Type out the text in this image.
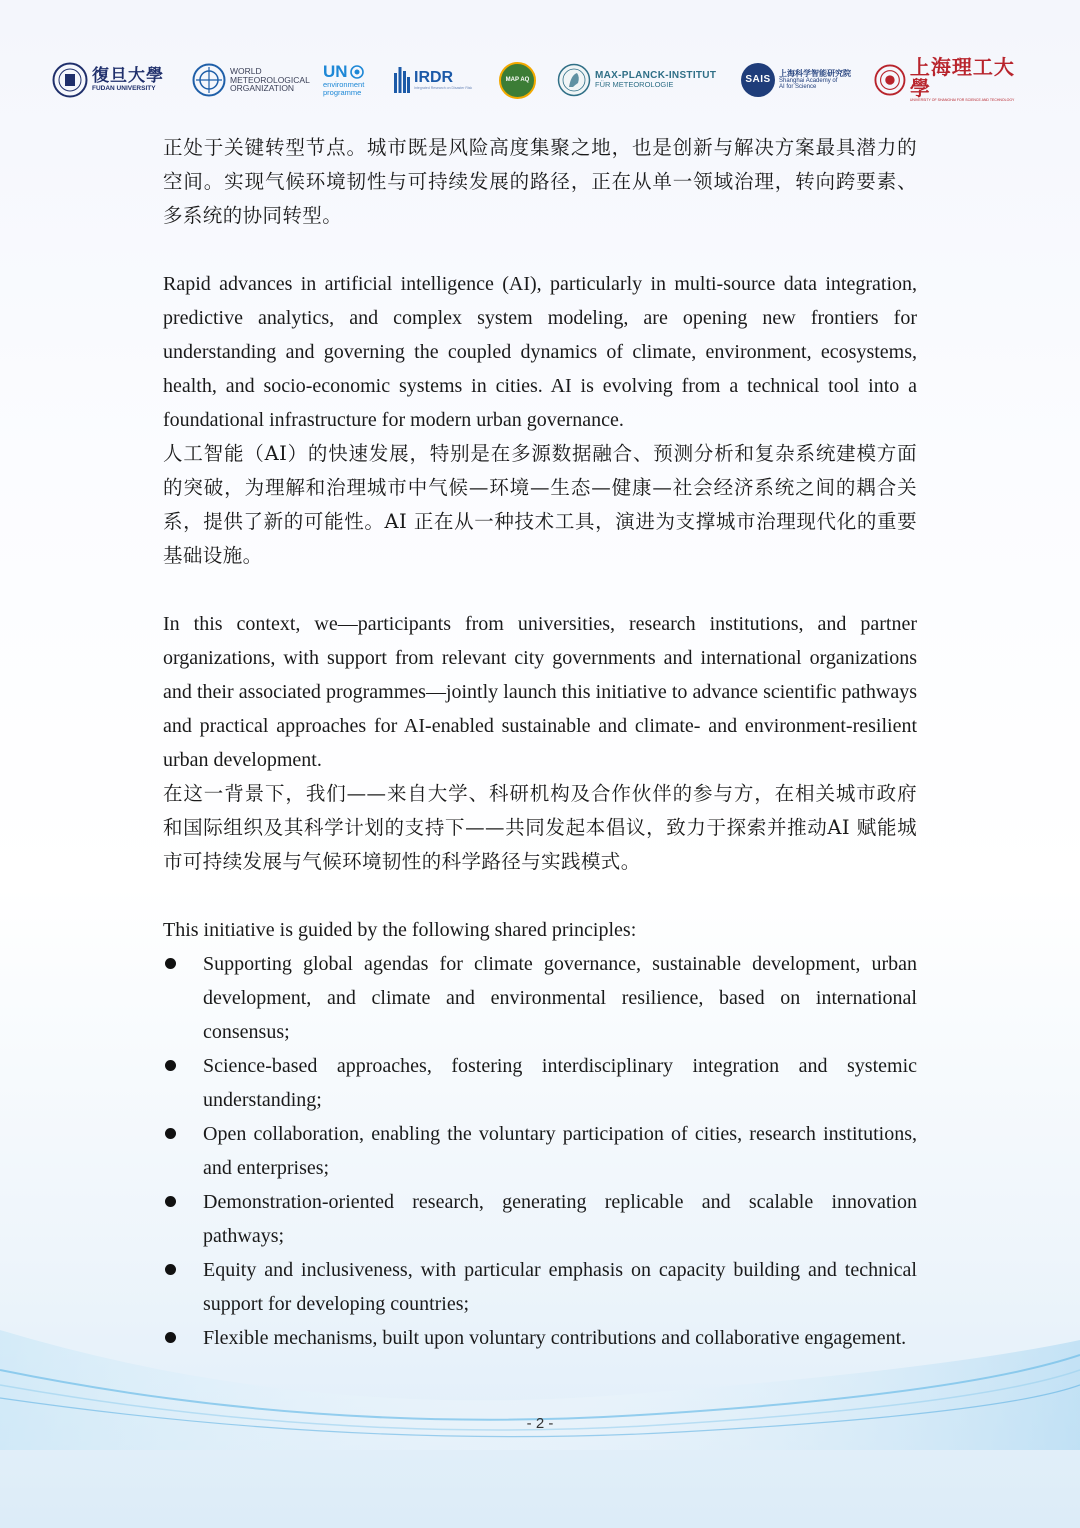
復旦大學
FUDAN UNIVERSITY
WORLD
METEOROLOGICAL
ORGANIZATION
UN
environment
programme
IRDR
Integrated Research on Disaster Risk
MAP AQ	MAX-PLANCK-INSTITUT
FÜR METEOROLOGIE
SAIS
上海科学智能研究院
Shanghai Academy of
AI for Science
上海理工大學
UNIVERSITY OF SHANGHAI FOR SCIENCE AND TECHNOLOGY

正处于关键转型节点。城市既是风险高度集聚之地，也是创新与解决方案最具潜力的空间。实现气候环境韧性与可持续发展的路径，正在从单一领域治理，转向跨要素、多系统的协同转型。

Rapid advances in artificial intelligence (AI), particularly in multi-source data integration, predictive analytics, and complex system modeling, are opening new frontiers for understanding and governing the coupled dynamics of climate, environment, ecosystems, health, and socio-economic systems in cities. AI is evolving from a technical tool into a foundational infrastructure for modern urban governance.

人工智能（AI）的快速发展，特别是在多源数据融合、预测分析和复杂系统建模方面的突破，为理解和治理城市中气候—环境—生态—健康—社会经济系统之间的耦合关系，提供了新的可能性。AI 正在从一种技术工具，演进为支撑城市治理现代化的重要基础设施。

In this context, we—participants from universities, research institutions, and partner organizations, with support from relevant city governments and international organizations and their associated programmes—jointly launch this initiative to advance scientific pathways and practical approaches for AI-enabled sustainable and climate- and environment-resilient urban development.

在这一背景下，我们——来自大学、科研机构及合作伙伴的参与方，在相关城市政府和国际组织及其科学计划的支持下——共同发起本倡议，致力于探索并推动AI 赋能城市可持续发展与气候环境韧性的科学路径与实践模式。

This initiative is guided by the following shared principles:

Supporting global agendas for climate governance, sustainable development, urban development, and climate and environmental resilience, based on international consensus;
Science-based approaches, fostering interdisciplinary integration and systemic understanding;
Open collaboration, enabling the voluntary participation of cities, research institutions, and enterprises;
Demonstration-oriented research, generating replicable and scalable innovation pathways;
Equity and inclusiveness, with particular emphasis on capacity building and technical support for developing countries;
Flexible mechanisms, built upon voluntary contributions and collaborative engagement.
- 2 -
